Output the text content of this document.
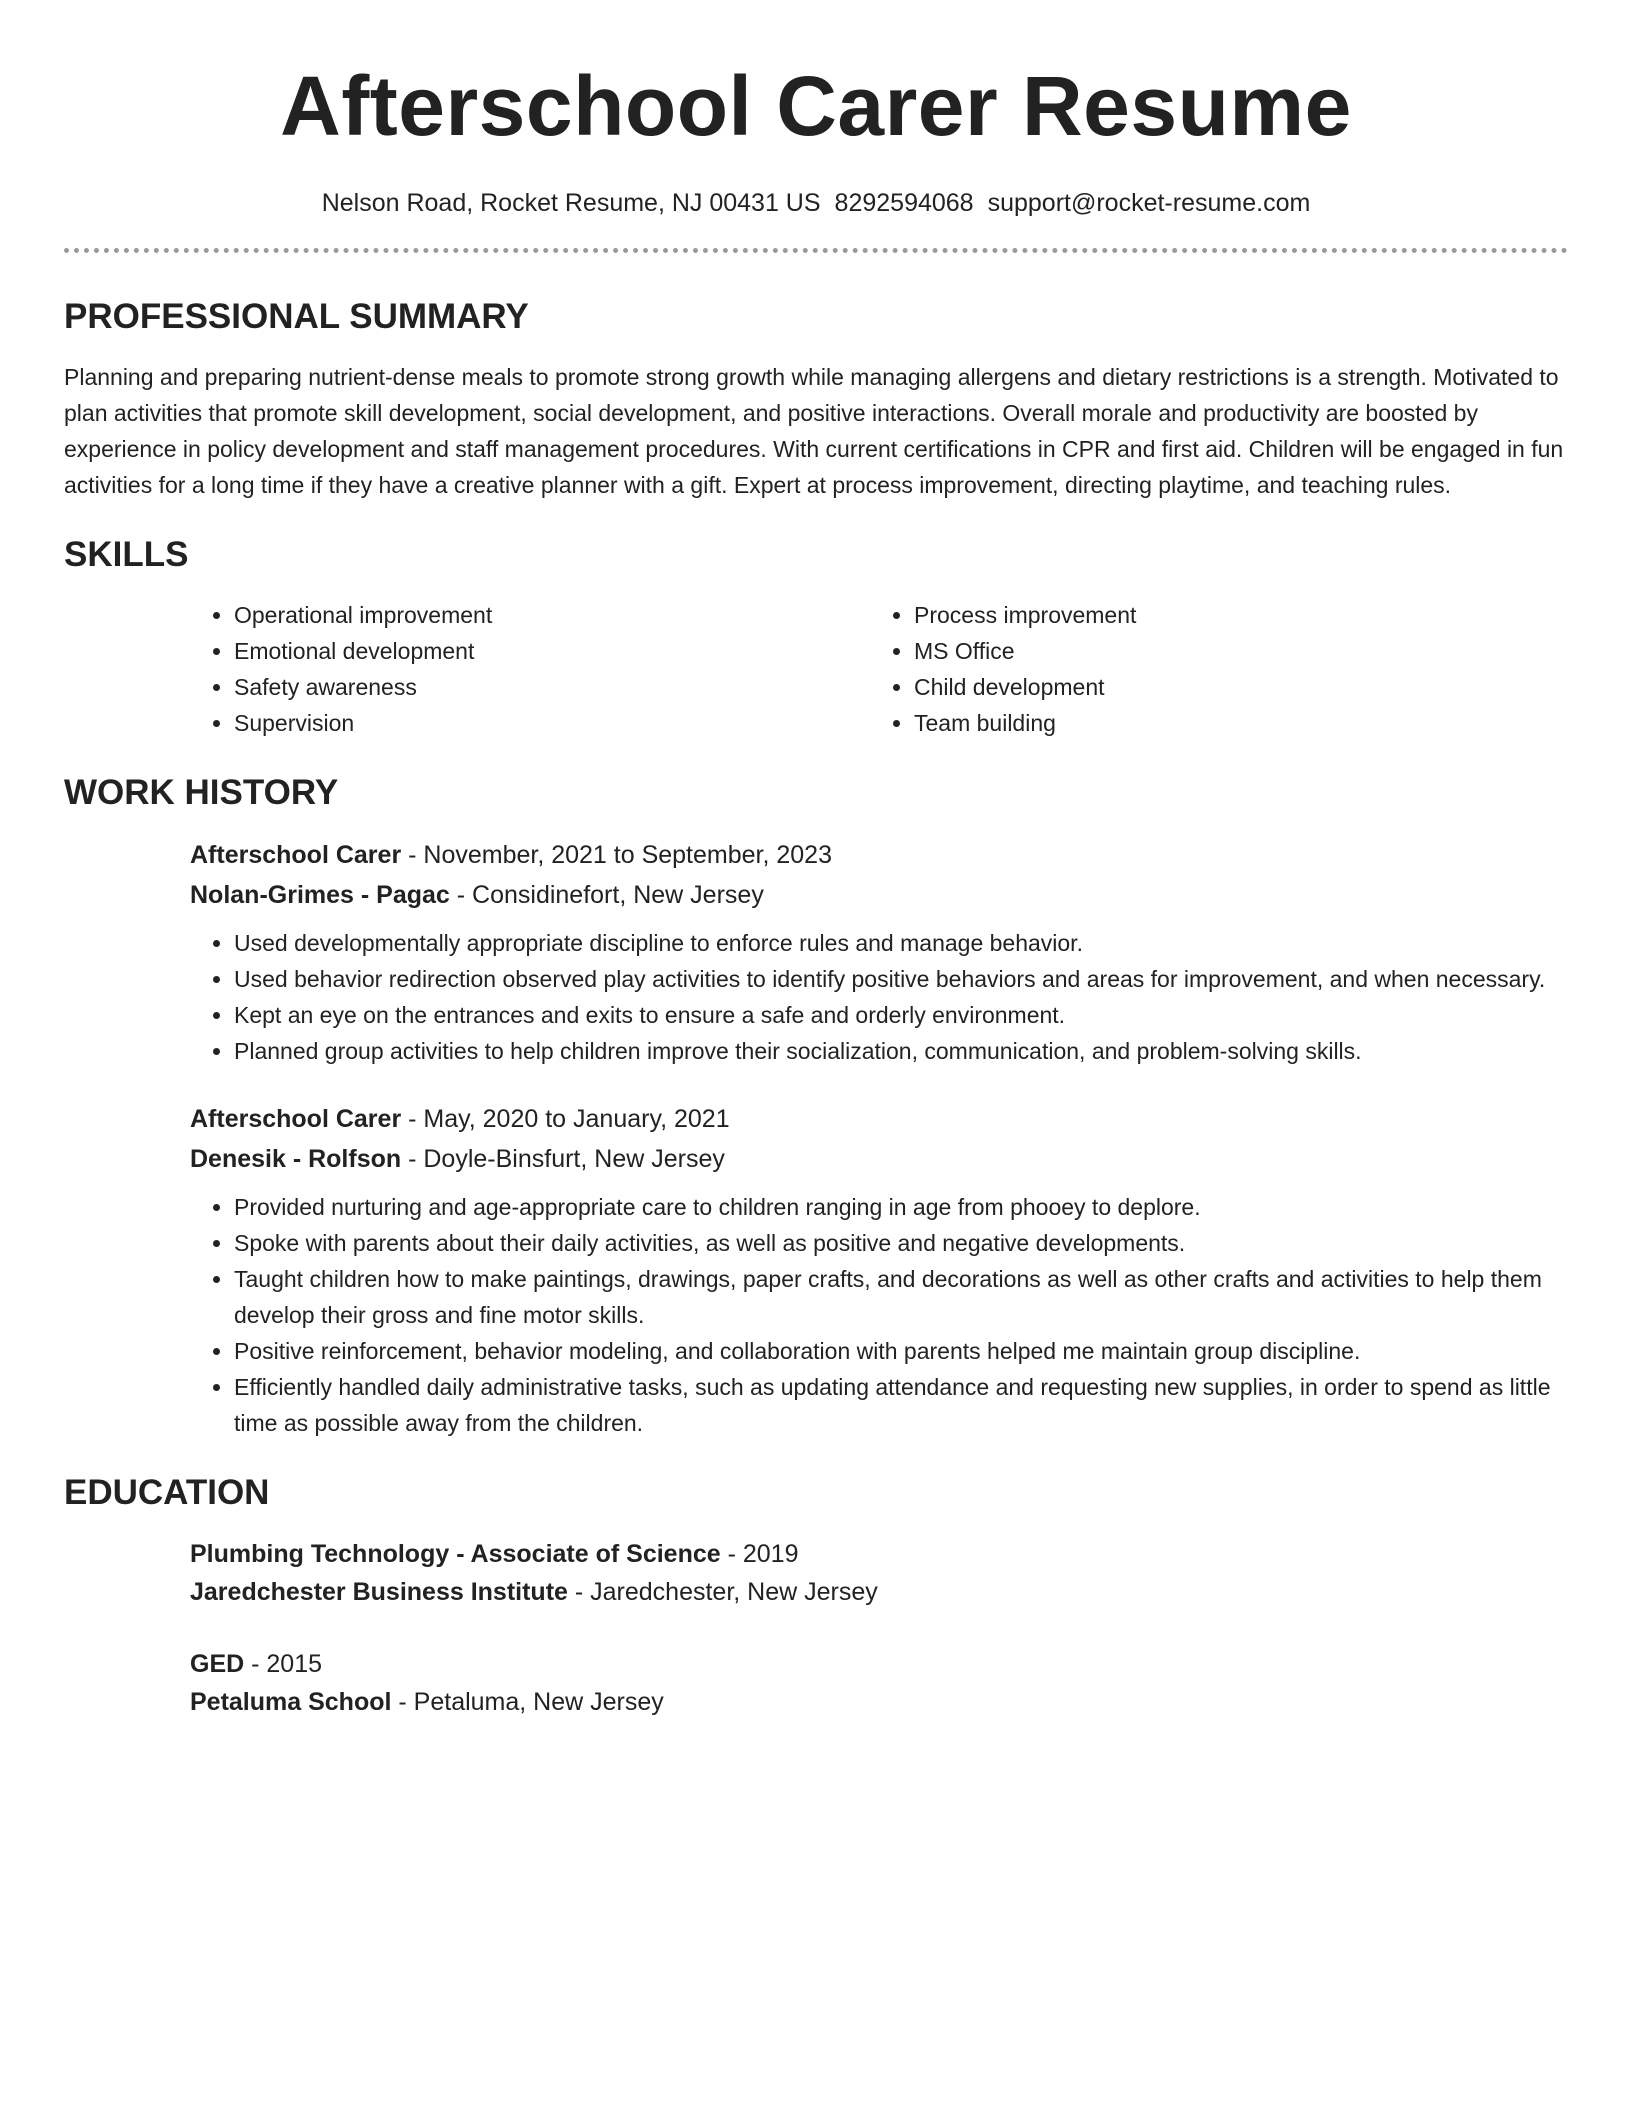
Afterschool Carer Resume
Nelson Road, Rocket Resume, NJ 00431 US 8292594068 support@rocket-resume.com
PROFESSIONAL SUMMARY

Planning and preparing nutrient-dense meals to promote strong growth while managing allergens and dietary restrictions is a strength. Motivated to plan activities that promote skill development, social development, and positive interactions. Overall morale and productivity are boosted by experience in policy development and staff management procedures. With current certifications in CPR and first aid. Children will be engaged in fun activities for a long time if they have a creative planner with a gift. Expert at process improvement, directing playtime, and teaching rules.

SKILLS
• Operational improvement
• Emotional development
• Safety awareness
• Supervision
• Process improvement
• MS Office
• Child development
• Team building
WORK HISTORY
Afterschool Carer - November, 2021 to September, 2023
Nolan-Grimes - Pagac - Considinefort, New Jersey
• Used developmentally appropriate discipline to enforce rules and manage behavior.
• Used behavior redirection observed play activities to identify positive behaviors and areas for improvement, and when necessary.
• Kept an eye on the entrances and exits to ensure a safe and orderly environment.
• Planned group activities to help children improve their socialization, communication, and problem-solving skills.
Afterschool Carer - May, 2020 to January, 2021
Denesik - Rolfson - Doyle-Binsfurt, New Jersey
• Provided nurturing and age-appropriate care to children ranging in age from phooey to deplore.
• Spoke with parents about their daily activities, as well as positive and negative developments.
• Taught children how to make paintings, drawings, paper crafts, and decorations as well as other crafts and activities to help them develop their gross and fine motor skills.
• Positive reinforcement, behavior modeling, and collaboration with parents helped me maintain group discipline.
• Efficiently handled daily administrative tasks, such as updating attendance and requesting new supplies, in order to spend as little time as possible away from the children.
EDUCATION
Plumbing Technology - Associate of Science - 2019
Jaredchester Business Institute - Jaredchester, New Jersey
GED - 2015
Petaluma School - Petaluma, New Jersey
